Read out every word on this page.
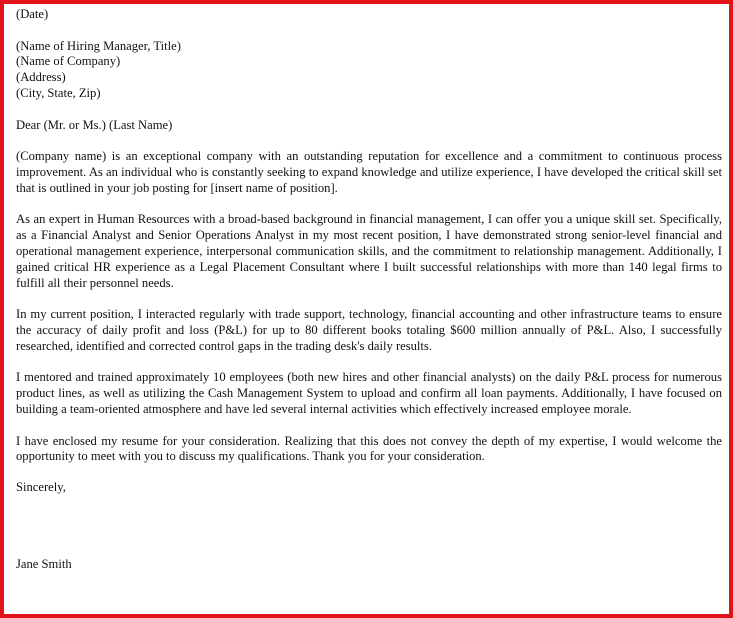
(Date)

(Name of Hiring Manager, Title)

(Name of Company)

(Address)

(City, State, Zip)

Dear (Mr. or Ms.) (Last Name)

(Company name) is an exceptional company with an outstanding reputation for excellence and a commitment to continuous process improvement. As an individual who is constantly seeking to expand knowledge and utilize experience, I have developed the critical skill set that is outlined in your job posting for [insert name of position].

As an expert in Human Resources with a broad-based background in financial management, I can offer you a unique skill set. Specifically, as a Financial Analyst and Senior Operations Analyst in my most recent position, I have demonstrated strong senior-level financial and operational management experience, interpersonal communication skills, and the commitment to relationship management. Additionally, I gained critical HR experience as a Legal Placement Consultant where I built successful relationships with more than 140 legal firms to fulfill all their personnel needs.

In my current position, I interacted regularly with trade support, technology, financial accounting and other infrastructure teams to ensure the accuracy of daily profit and loss (P&L) for up to 80 different books totaling $600 million annually of P&L. Also, I successfully researched, identified and corrected control gaps in the trading desk's daily results.

I mentored and trained approximately 10 employees (both new hires and other financial analysts) on the daily P&L process for numerous product lines, as well as utilizing the Cash Management System to upload and confirm all loan payments. Additionally, I have focused on building a team-oriented atmosphere and have led several internal activities which effectively increased employee morale.

I have enclosed my resume for your consideration. Realizing that this does not convey the depth of my expertise, I would welcome the opportunity to meet with you to discuss my qualifications. Thank you for your consideration.

Sincerely,

Jane Smith
